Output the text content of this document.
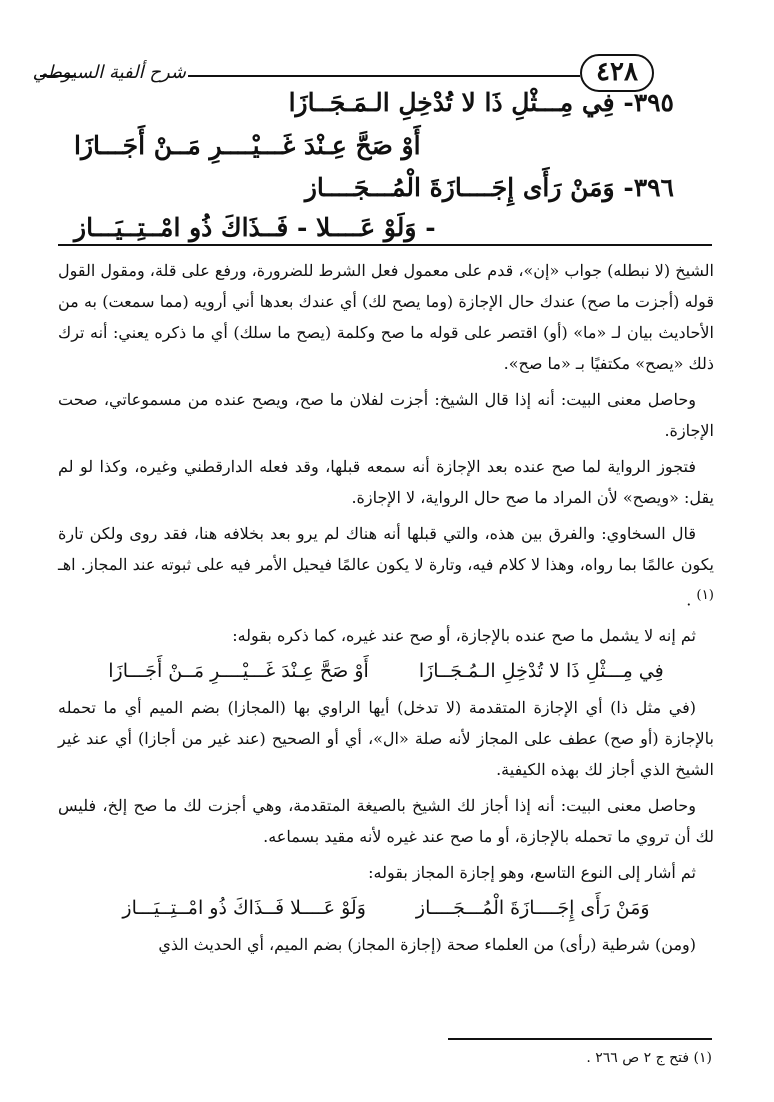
شرح ألفية السيوطي	٤٢٨
٣٩٥- فِي مِـــثْلِ ذَا لا تُدْخِلِ الـمَـجَــازَا
أَوْ صَحَّ عِـنْدَ غَـــيْــــرِ مَــنْ أَجَـــازَا
٣٩٦- وَمَنْ رَأَى إِجَــــازَةَ الْمُـــجَــــاز
- وَلَوْ عَــــلا - فَــذَاكَ ذُو امْــتِــيَـــاز

الشيخ (لا نبطله) جواب «إن»، قدم على معمول فعل الشرط للضرورة، ورفع على قلة، ومقول القول قوله (أجزت ما صح) عندك حال الإجازة (وما يصح لك) أي عندك بعدها أني أرويه (مما سمعت) به من الأحاديث بيان لـ «ما» (أو) اقتصر على قوله ما صح وكلمة (يصح ما سلك) أي ما ذكره يعني: أنه ترك ذلك «يصح» مكتفيًا بـ «ما صح».

وحاصل معنى البيت: أنه إذا قال الشيخ: أجزت لفلان ما صح، ويصح عنده من مسموعاتي، صحت الإجازة.

فتجوز الرواية لما صح عنده بعد الإجازة أنه سمعه قبلها، وقد فعله الدارقطني وغيره، وكذا لو لم يقل: «ويصح» لأن المراد ما صح حال الرواية، لا الإجازة.

قال السخاوي: والفرق بين هذه، والتي قبلها أنه هناك لم يرو بعد بخلافه هنا، فقد روى ولكن تارة يكون عالمًا بما رواه، وهذا لا كلام فيه، وتارة لا يكون عالمًا فيحيل الأمر فيه على ثبوته عند المجاز. اهـ $^{(١)}$ .

ثم إنه لا يشمل ما صح عنده بالإجازة، أو صح عند غيره، كما ذكره بقوله:

فِي مِـــثْلِ ذَا لا تُدْخِلِ الـمُـجَــازَا
أَوْ صَحَّ عِـنْدَ غَـــيْــــرِ مَــنْ أَجَـــازَا

(في مثل ذا) أي الإجازة المتقدمة (لا تدخل) أيها الراوي بها (المجازا) بضم الميم أي ما تحمله بالإجازة (أو صح) عطف على المجاز لأنه صلة «ال»، أي أو الصحيح (عند غير من أجازا) أي عند غير الشيخ الذي أجاز لك بهذه الكيفية.

وحاصل معنى البيت: أنه إذا أجاز لك الشيخ بالصيغة المتقدمة، وهي أجزت لك ما صح إلخ، فليس لك أن تروي ما تحمله بالإجازة، أو ما صح عند غيره لأنه مقيد بسماعه.

ثم أشار إلى النوع التاسع، وهو إجازة المجاز بقوله:

وَمَنْ رَأَى إِجَــــازَةَ الْمُـــجَــــاز
وَلَوْ عَــــلا فَــذَاكَ ذُو امْــتِــيَـــاز

(ومن) شرطية (رأى) من العلماء صحة (إجازة المجاز) بضم الميم، أي الحديث الذي

(١) فتح ج ٢ ص ٢٦٦ .
